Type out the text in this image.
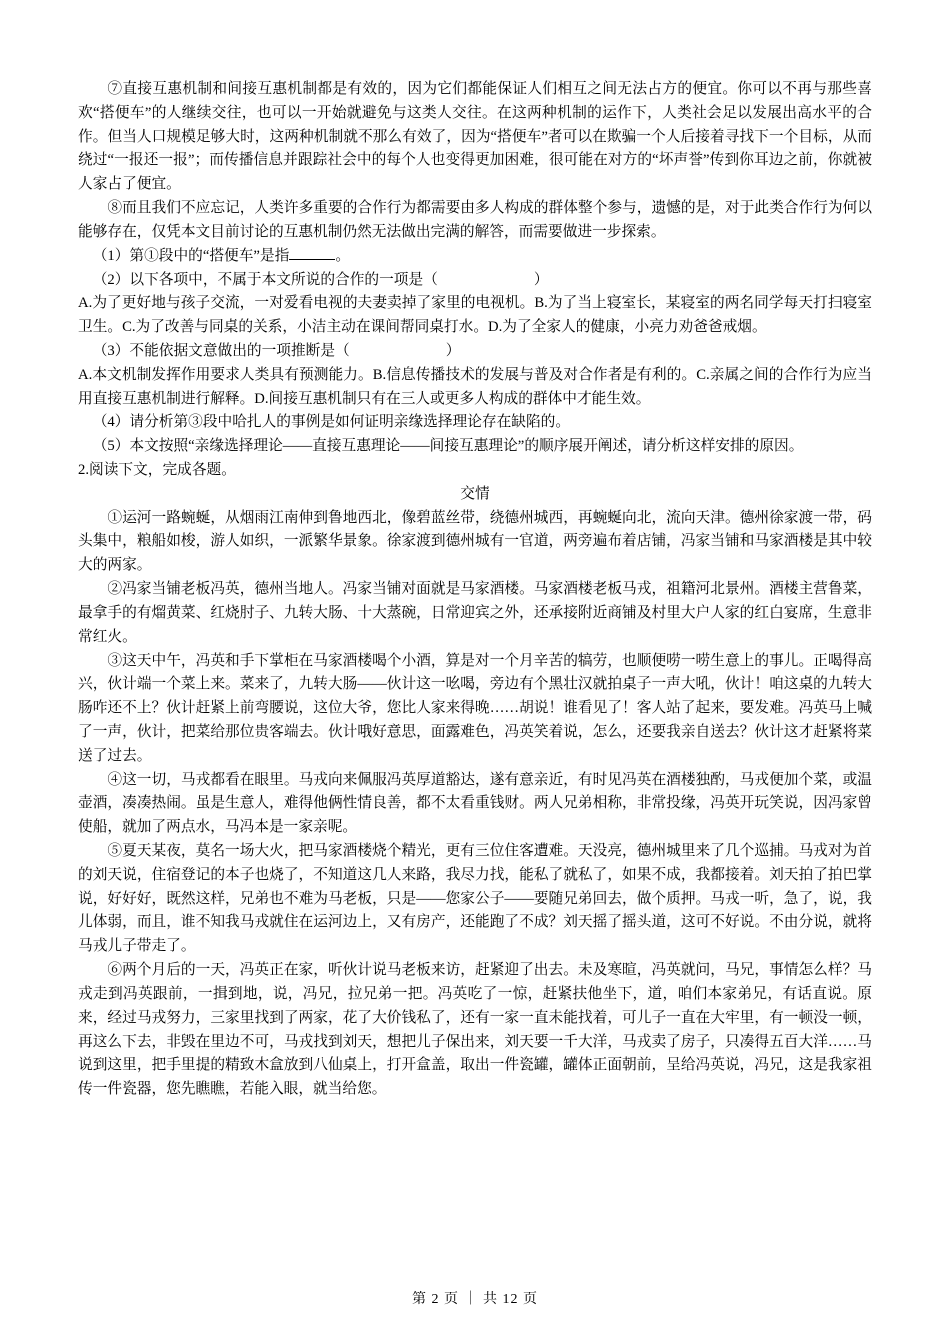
⑦直接互惠机制和间接互惠机制都是有效的，因为它们都能保证人们相互之间无法占方的便宜。你可以不再与那些喜欢“搭便车”的人继续交往，也可以一开始就避免与这类人交往。在这两种机制的运作下，人类社会足以发展出高水平的合作。但当人口规模足够大时，这两种机制就不那么有效了，因为“搭便车”者可以在欺骗一个人后接着寻找下一个目标，从而绕过“一报还一报”；而传播信息并跟踪社会中的每个人也变得更加困难，很可能在对方的“坏声誉”传到你耳边之前，你就被人家占了便宜。

⑧而且我们不应忘记，人类许多重要的合作行为都需要由多人构成的群体整个参与，遗憾的是，对于此类合作行为何以能够存在，仅凭本文目前讨论的互惠机制仍然无法做出完满的解答，而需要做进一步探索。

（1）第①段中的“搭便车”是指	。

（2）以下各项中，不属于本文所说的合作的一项是（	）

A.为了更好地与孩子交流，一对爱看电视的夫妻卖掉了家里的电视机。B.为了当上寝室长，某寝室的两名同学每天打扫寝室卫生。C.为了改善与同桌的关系，小洁主动在课间帮同桌打水。D.为了全家人的健康，小亮力劝爸爸戒烟。

（3）不能依据文意做出的一项推断是（	）

A.本文机制发挥作用要求人类具有预测能力。B.信息传播技术的发展与普及对合作者是有利的。C.亲属之间的合作行为应当用直接互惠机制进行解释。D.间接互惠机制只有在三人或更多人构成的群体中才能生效。

（4）请分析第③段中哈扎人的事例是如何证明亲缘选择理论存在缺陷的。

（5）本文按照“亲缘选择理论——直接互惠理论——间接互惠理论”的顺序展开阐述，请分析这样安排的原因。

2.阅读下文，完成各题。

交情

①运河一路蜿蜒，从烟雨江南伸到鲁地西北，像碧蓝丝带，绕德州城西，再蜿蜒向北，流向天津。德州徐家渡一带，码头集中，粮船如梭，游人如织，一派繁华景象。徐家渡到德州城有一官道，两旁遍布着店铺，冯家当铺和马家酒楼是其中较大的两家。

②冯家当铺老板冯英，德州当地人。冯家当铺对面就是马家酒楼。马家酒楼老板马戎，祖籍河北景州。酒楼主营鲁菜，最拿手的有熘黄菜、红烧肘子、九转大肠、十大蒸碗，日常迎宾之外，还承接附近商铺及村里大户人家的红白宴席，生意非常红火。

③这天中午，冯英和手下掌柜在马家酒楼喝个小酒，算是对一个月辛苦的犒劳，也顺便唠一唠生意上的事儿。正喝得高兴，伙计端一个菜上来。菜来了，九转大肠——伙计这一吆喝，旁边有个黑壮汉就拍桌子一声大吼，伙计！咱这桌的九转大肠咋还不上？伙计赶紧上前弯腰说，这位大爷，您比人家来得晚……胡说！谁看见了！客人站了起来，要发难。冯英马上喊了一声，伙计，把菜给那位贵客端去。伙计哦好意思，面露难色，冯英笑着说，怎么，还要我亲自送去？伙计这才赶紧将菜送了过去。

④这一切，马戎都看在眼里。马戎向来佩服冯英厚道豁达，遂有意亲近，有时见冯英在酒楼独酌，马戎便加个菜，或温壶酒，凑凑热闹。虽是生意人，难得他俩性情良善，都不太看重钱财。两人兄弟相称，非常投缘，冯英开玩笑说，因冯家曾使船，就加了两点水，马冯本是一家亲呢。

⑤夏天某夜，莫名一场大火，把马家酒楼烧个精光，更有三位住客遭难。天没亮，德州城里来了几个巡捕。马戎对为首的刘天说，住宿登记的本子也烧了，不知道这几人来路，我尽力找，能私了就私了，如果不成，我都接着。刘天拍了拍巴掌说，好好好，既然这样，兄弟也不难为马老板，只是——您家公子——要随兄弟回去，做个质押。马戎一听，急了，说，我儿体弱，而且，谁不知我马戎就住在运河边上，又有房产，还能跑了不成？刘天摇了摇头道，这可不好说。不由分说，就将马戎儿子带走了。

⑥两个月后的一天，冯英正在家，听伙计说马老板来访，赶紧迎了出去。未及寒暄，冯英就问，马兄，事情怎么样？马戎走到冯英跟前，一揖到地，说，冯兄，拉兄弟一把。冯英吃了一惊，赶紧扶他坐下，道，咱们本家弟兄，有话直说。原来，经过马戎努力，三家里找到了两家，花了大价钱私了，还有一家一直未能找着，可儿子一直在大牢里，有一顿没一顿，再这么下去，非毁在里边不可，马戎找到刘天，想把儿子保出来，刘天要一千大洋，马戎卖了房子，只凑得五百大洋……马说到这里，把手里提的精致木盒放到八仙桌上，打开盒盖，取出一件瓷罐，罐体正面朝前，呈给冯英说，冯兄，这是我家祖传一件瓷器，您先瞧瞧，若能入眼，就当给您。

第 2 页 ｜ 共 12 页
